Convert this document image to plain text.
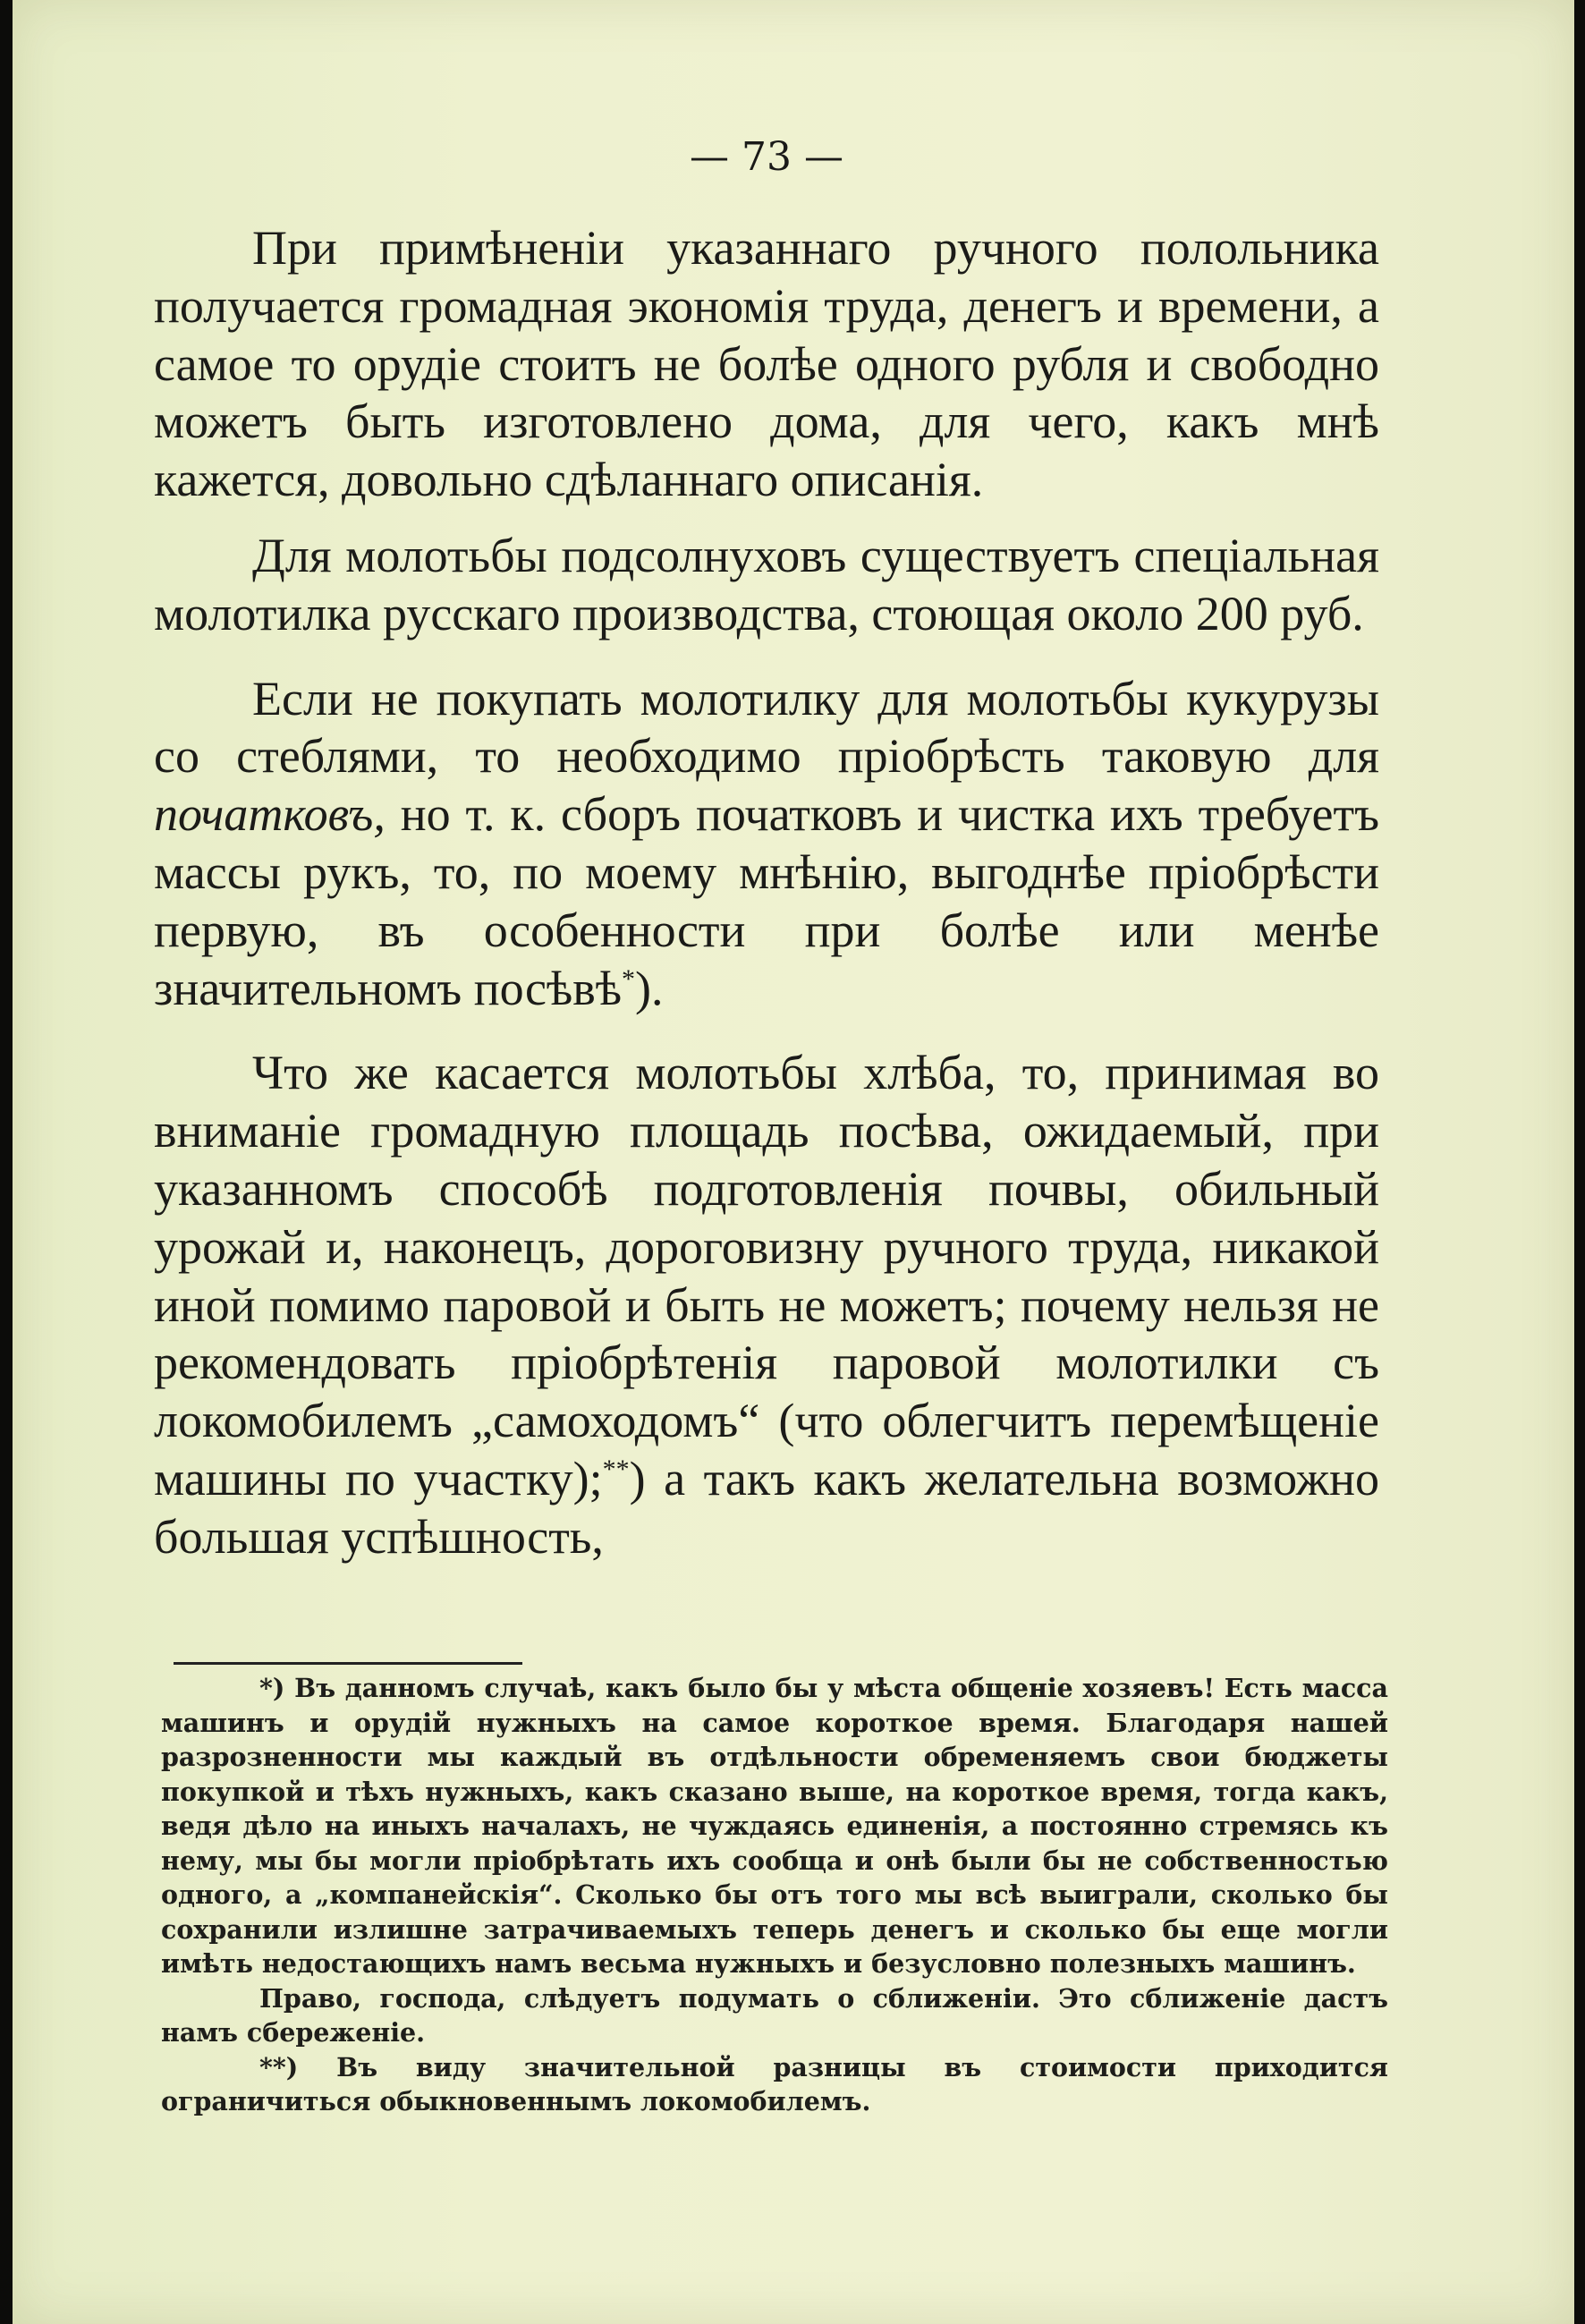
— 73 —

При примѣненіи указаннаго ручного полольника получается громадная экономія труда, денегъ и времени, а самое то орудіе стоитъ не болѣе одного рубля и свободно можетъ быть изготовлено дома, для чего, какъ мнѣ кажется, довольно сдѣланнаго описанія.

Для молотьбы подсолнуховъ существуетъ спеціальная молотилка русскаго производства, стоющая около 200 руб.

Если не покупать молотилку для молотьбы кукурузы со стеблями, то необходимо пріобрѣсть таковую для початковъ, но т. к. сборъ початковъ и чистка ихъ требуетъ массы рукъ, то, по моему мнѣнію, выгоднѣе пріобрѣсти первую, въ особенности при болѣе или менѣе значительномъ посѣвѣ*).

Что же касается молотьбы хлѣба, то, принимая во вниманіе громадную площадь посѣва, ожидаемый, при указанномъ способѣ подготовленія почвы, обильный урожай и, наконецъ, дороговизну ручного труда, никакой иной помимо паровой и быть не можетъ; почему нельзя не рекомендовать пріобрѣтенія паровой молотилки съ локомобилемъ „самоходомъ“ (что облегчитъ перемѣщеніе машины по участку);**) а такъ какъ желательна возможно большая успѣшность,

*) Въ данномъ случаѣ, какъ было бы у мѣста общеніе хозяевъ! Есть масса машинъ и орудій нужныхъ на самое короткое время. Благодаря нашей разрозненности мы каждый въ отдѣльности обременяемъ свои бюджеты покупкой и тѣхъ нужныхъ, какъ сказано выше, на короткое время, тогда какъ, ведя дѣло на иныхъ началахъ, не чуждаясь единенія, а постоянно стремясь къ нему, мы бы могли пріобрѣтать ихъ сообща и онѣ были бы не собственностью одного, а „компанейскія“. Сколько бы отъ того мы всѣ выиграли, сколько бы сохранили излишне затрачиваемыхъ теперь денегъ и сколько бы еще могли имѣть недостающихъ намъ весьма нужныхъ и безусловно полезныхъ машинъ.

Право, господа, слѣдуетъ подумать о сближеніи. Это сближеніе дастъ намъ сбереженіе.

**) Въ виду значительной разницы въ стоимости приходится ограничиться обыкновеннымъ локомобилемъ.
